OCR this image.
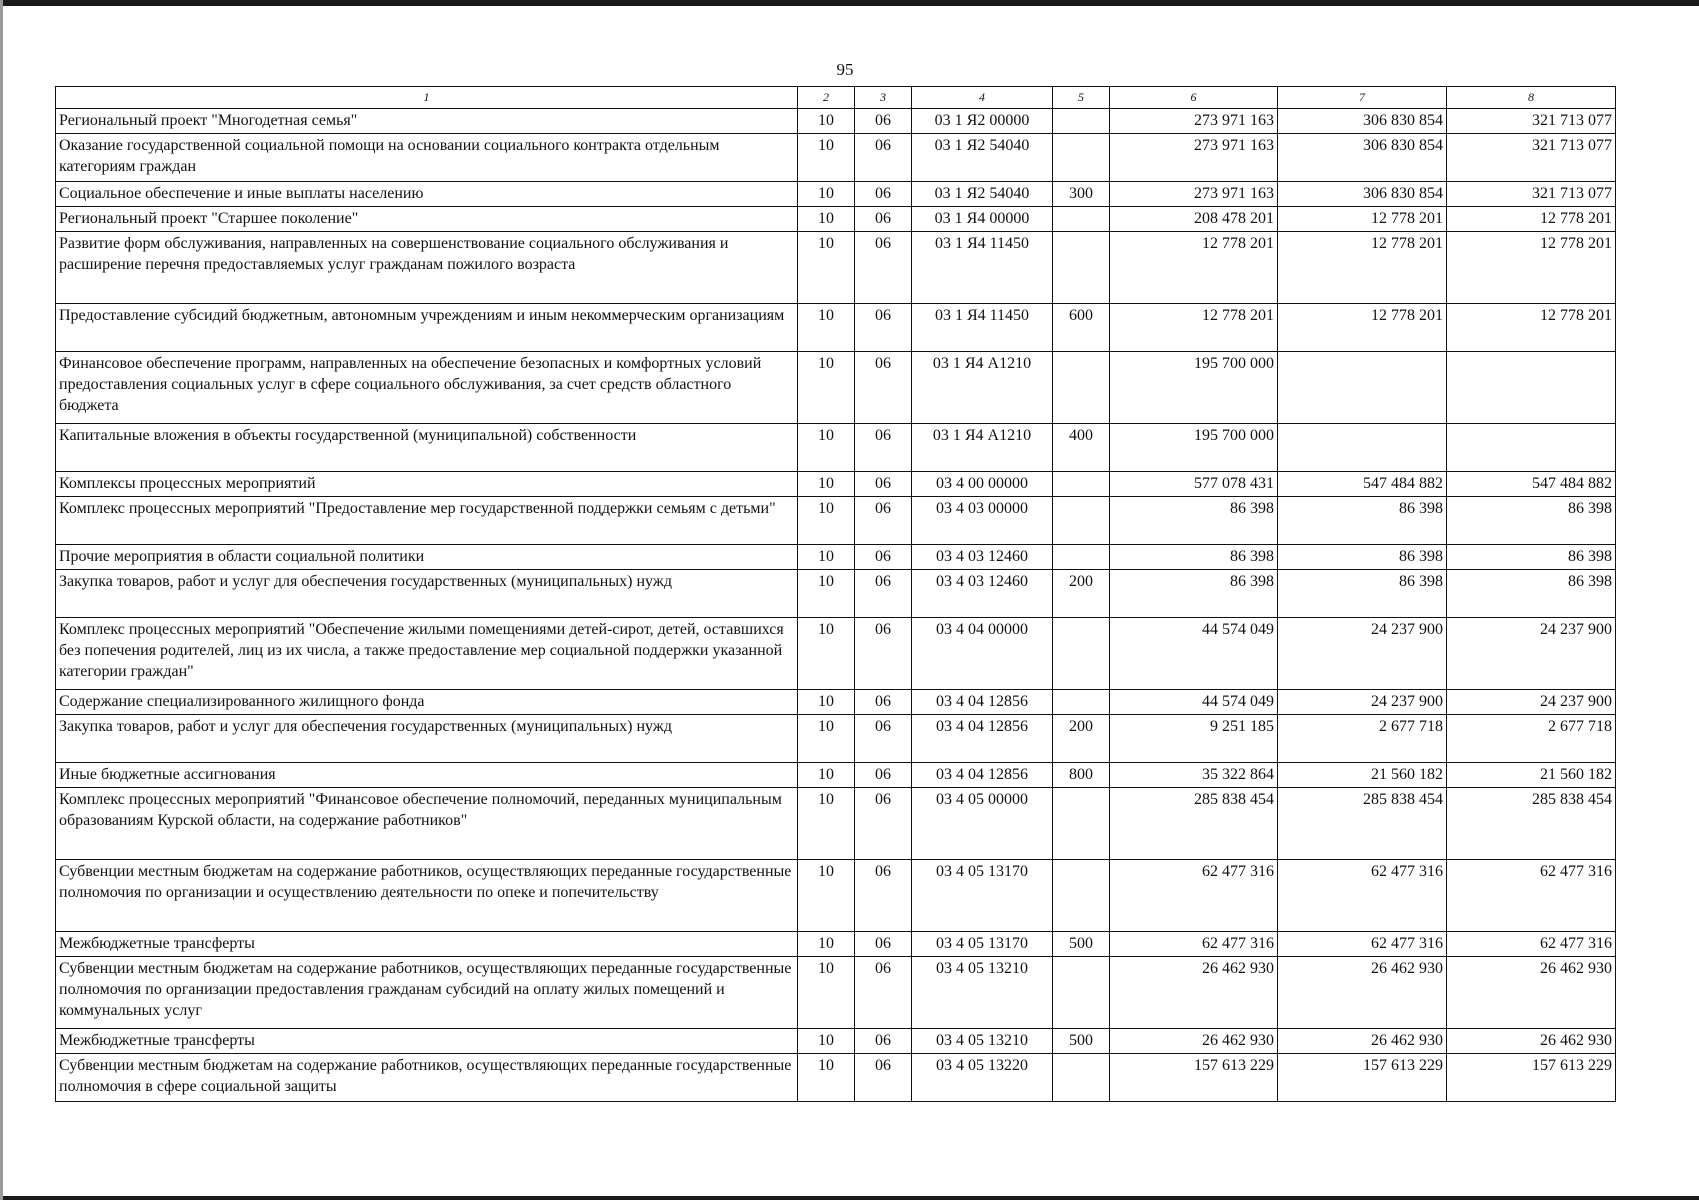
95
1	2	3	4	5	6	7	8
Региональный проект "Многодетная семья"	10	06	03 1 Я2 00000		273 971 163	306 830 854	321 713 077
Оказание государственной социальной помощи на основании социального контракта отдельным категориям граждан	10	06	03 1 Я2 54040		273 971 163	306 830 854	321 713 077
Социальное обеспечение и иные выплаты населению	10	06	03 1 Я2 54040	300	273 971 163	306 830 854	321 713 077
Региональный проект "Старшее поколение"	10	06	03 1 Я4 00000		208 478 201	12 778 201	12 778 201
Развитие форм обслуживания, направленных на совершенствование социального обслуживания и расширение перечня предоставляемых услуг гражданам пожилого возраста	10	06	03 1 Я4 11450		12 778 201	12 778 201	12 778 201
Предоставление субсидий бюджетным, автономным учреждениям и иным некоммерческим организациям	10	06	03 1 Я4 11450	600	12 778 201	12 778 201	12 778 201
Финансовое обеспечение программ, направленных на обеспечение безопасных и комфортных условий предоставления социальных услуг в сфере социального обслуживания, за счет средств областного бюджета	10	06	03 1 Я4 А1210		195 700 000		
Капитальные вложения в объекты государственной (муниципальной) собственности	10	06	03 1 Я4 А1210	400	195 700 000		
Комплексы процессных мероприятий	10	06	03 4 00 00000		577 078 431	547 484 882	547 484 882
Комплекс процессных мероприятий "Предоставление мер государственной поддержки семьям с детьми"	10	06	03 4 03 00000		86 398	86 398	86 398
Прочие мероприятия в области социальной политики	10	06	03 4 03 12460		86 398	86 398	86 398
Закупка товаров, работ и услуг для обеспечения государственных (муниципальных) нужд	10	06	03 4 03 12460	200	86 398	86 398	86 398
Комплекс процессных мероприятий "Обеспечение жилыми помещениями детей-сирот, детей, оставшихся без попечения родителей, лиц из их числа, а также предоставление мер социальной поддержки указанной категории граждан"	10	06	03 4 04 00000		44 574 049	24 237 900	24 237 900
Содержание специализированного жилищного фонда	10	06	03 4 04 12856		44 574 049	24 237 900	24 237 900
Закупка товаров, работ и услуг для обеспечения государственных (муниципальных) нужд	10	06	03 4 04 12856	200	9 251 185	2 677 718	2 677 718
Иные бюджетные ассигнования	10	06	03 4 04 12856	800	35 322 864	21 560 182	21 560 182
Комплекс процессных мероприятий "Финансовое обеспечение полномочий, переданных муниципальным образованиям Курской области, на содержание работников"	10	06	03 4 05 00000		285 838 454	285 838 454	285 838 454
Субвенции местным бюджетам на содержание работников, осуществляющих переданные государственные полномочия по организации и осуществлению деятельности по опеке и попечительству	10	06	03 4 05 13170		62 477 316	62 477 316	62 477 316
Межбюджетные трансферты	10	06	03 4 05 13170	500	62 477 316	62 477 316	62 477 316
Субвенции местным бюджетам на содержание работников, осуществляющих переданные государственные полномочия по организации предоставления гражданам субсидий на оплату жилых помещений и коммунальных услуг	10	06	03 4 05 13210		26 462 930	26 462 930	26 462 930
Межбюджетные трансферты	10	06	03 4 05 13210	500	26 462 930	26 462 930	26 462 930
Субвенции местным бюджетам на содержание работников, осуществляющих переданные государственные полномочия в сфере социальной защиты	10	06	03 4 05 13220		157 613 229	157 613 229	157 613 229
